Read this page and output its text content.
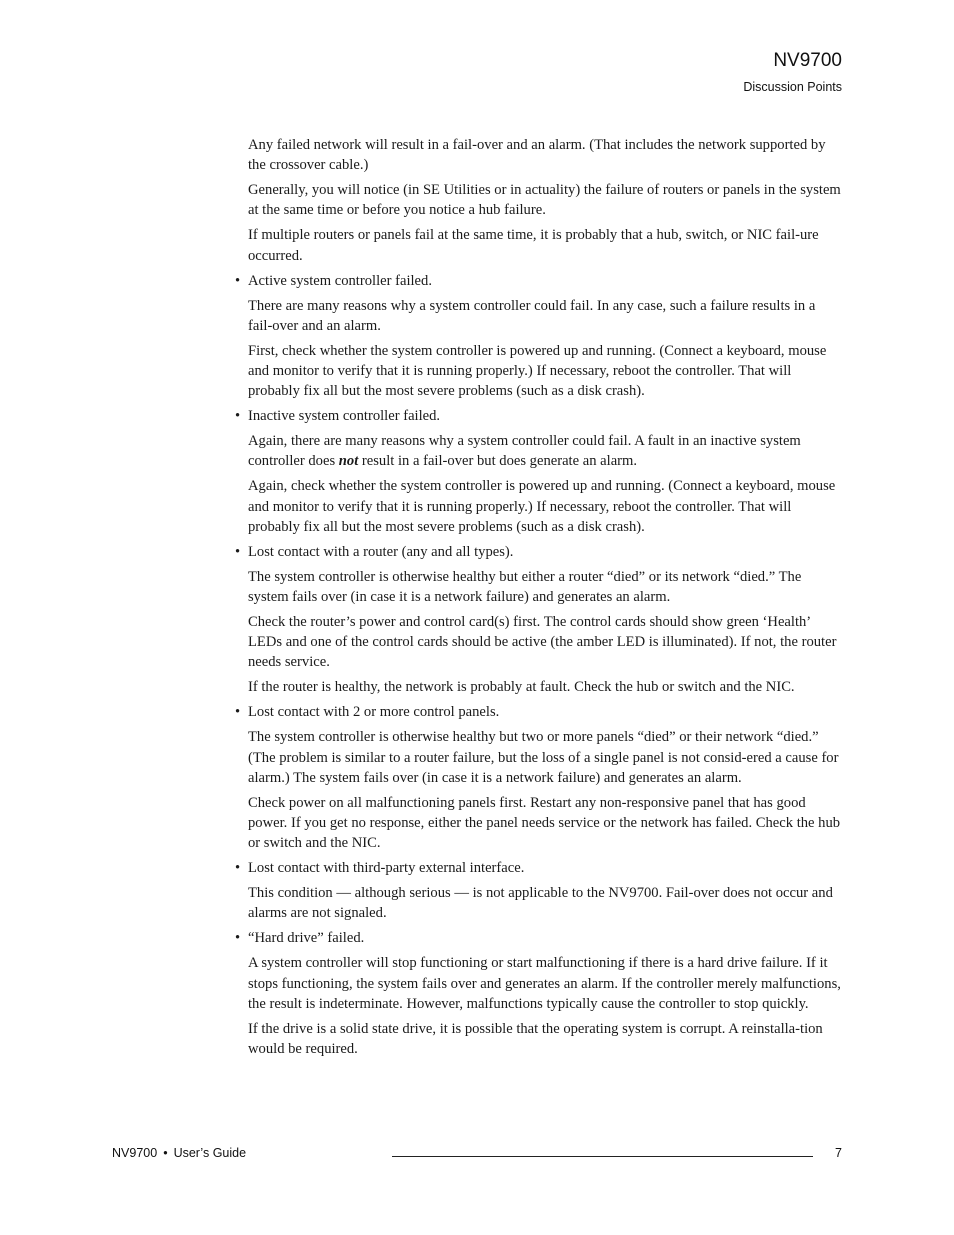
NV9700
Discussion Points

Any failed network will result in a fail-over and an alarm. (That includes the network supported by the crossover cable.)

Generally, you will notice (in SE Utilities or in actuality) the failure of routers or panels in the system at the same time or before you notice a hub failure.

If multiple routers or panels fail at the same time, it is probably that a hub, switch, or NIC fail-ure occurred.

• Active system controller failed.

There are many reasons why a system controller could fail. In any case, such a failure results in a fail-over and an alarm.

First, check whether the system controller is powered up and running. (Connect a keyboard, mouse and monitor to verify that it is running properly.) If necessary, reboot the controller. That will probably fix all but the most severe problems (such as a disk crash).

• Inactive system controller failed.

Again, there are many reasons why a system controller could fail. A fault in an inactive system controller does not result in a fail-over but does generate an alarm.

Again, check whether the system controller is powered up and running. (Connect a keyboard, mouse and monitor to verify that it is running properly.) If necessary, reboot the controller. That will probably fix all but the most severe problems (such as a disk crash).

• Lost contact with a router (any and all types).

The system controller is otherwise healthy but either a router “died” or its network “died.” The system fails over (in case it is a network failure) and generates an alarm.

Check the router’s power and control card(s) first. The control cards should show green ‘Health’ LEDs and one of the control cards should be active (the amber LED is illuminated). If not, the router needs service.

If the router is healthy, the network is probably at fault. Check the hub or switch and the NIC.

• Lost contact with 2 or more control panels.

The system controller is otherwise healthy but two or more panels “died” or their network “died.” (The problem is similar to a router failure, but the loss of a single panel is not consid-ered a cause for alarm.) The system fails over (in case it is a network failure) and generates an alarm.

Check power on all malfunctioning panels first. Restart any non-responsive panel that has good power. If you get no response, either the panel needs service or the network has failed. Check the hub or switch and the NIC.

• Lost contact with third-party external interface.

This condition — although serious — is not applicable to the NV9700. Fail-over does not occur and alarms are not signaled.

• “Hard drive” failed.

A system controller will stop functioning or start malfunctioning if there is a hard drive failure. If it stops functioning, the system fails over and generates an alarm. If the controller merely malfunctions, the result is indeterminate. However, malfunctions typically cause the controller to stop quickly.

If the drive is a solid state drive, it is possible that the operating system is corrupt. A reinstalla-tion would be required.

NV9700 • User’s Guide	7
